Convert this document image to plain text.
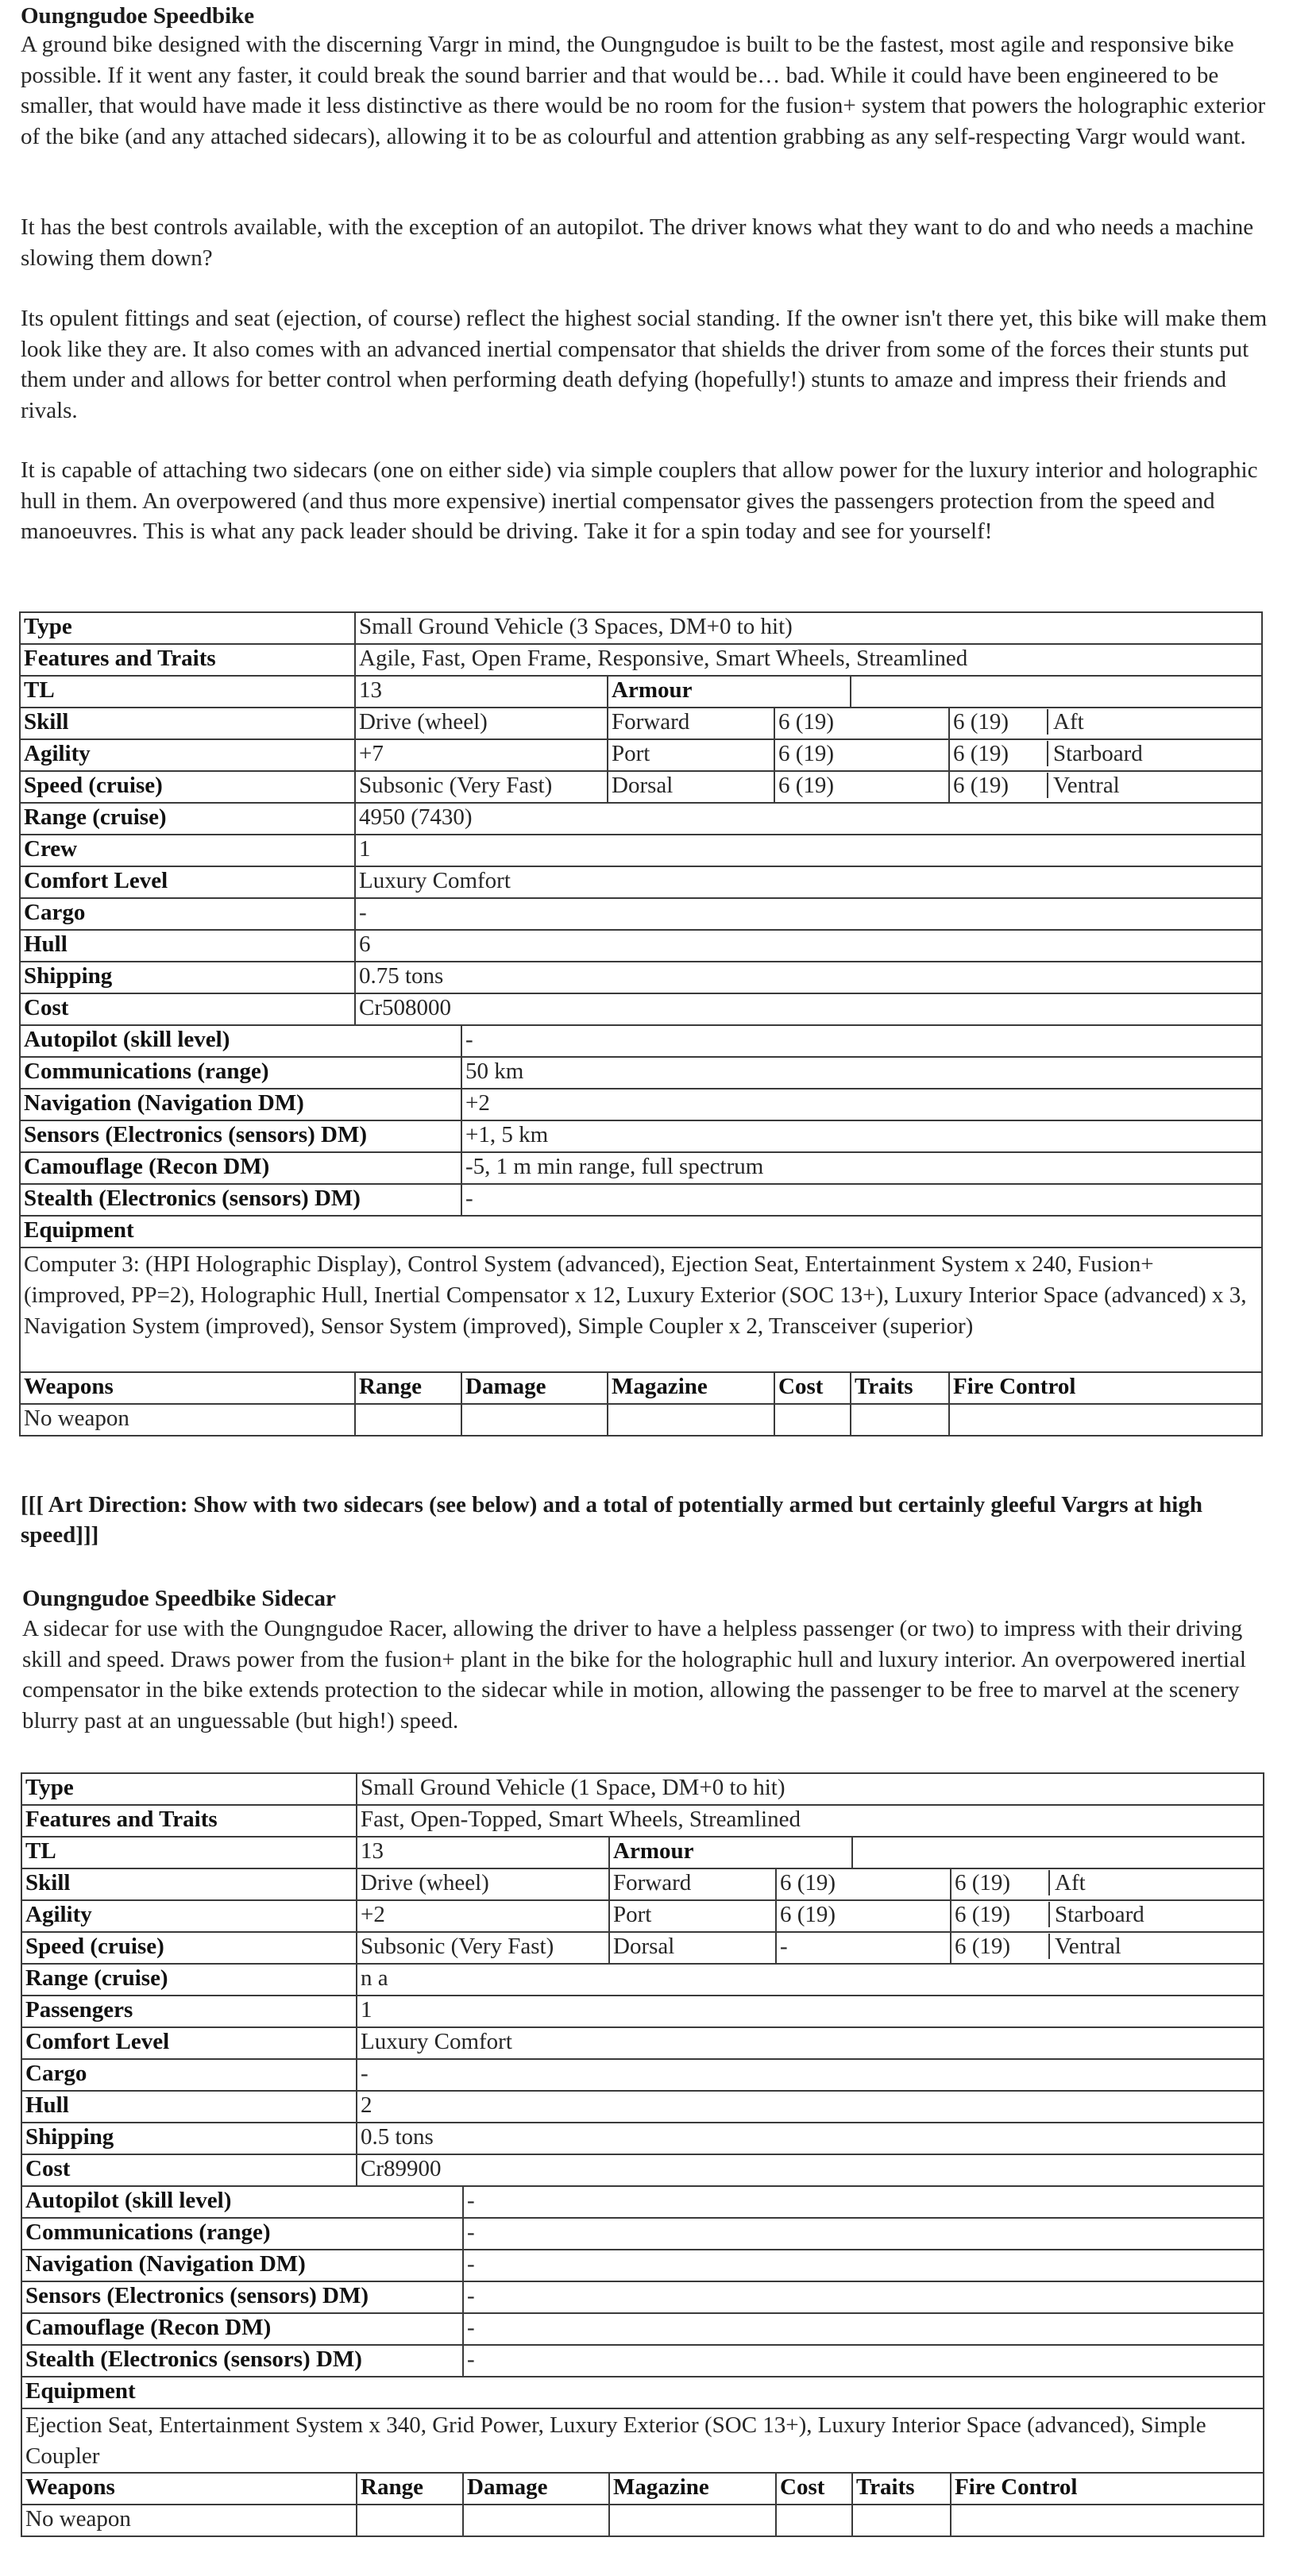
Oungngudoe Speedbike
A ground bike designed with the discerning Vargr in mind, the Oungngudoe is built to be the fastest, most agile and responsive bike possible. If it went any faster, it could break the sound barrier and that would be… bad. While it could have been engineered to be smaller, that would have made it less distinctive as there would be no room for the fusion+ system that powers the holographic exterior of the bike (and any attached sidecars), allowing it to be as colourful and attention grabbing as any self-respecting Vargr would want.
It has the best controls available, with the exception of an autopilot. The driver knows what they want to do and who needs a machine slowing them down?
Its opulent fittings and seat (ejection, of course) reflect the highest social standing. If the owner isn't there yet, this bike will make them look like they are. It also comes with an advanced inertial compensator that shields the driver from some of the forces their stunts put them under and allows for better control when performing death defying (hopefully!) stunts to amaze and impress their friends and rivals.
It is capable of attaching two sidecars (one on either side) via simple couplers that allow power for the luxury interior and holographic hull in them. An overpowered (and thus more expensive) inertial compensator gives the passengers protection from the speed and manoeuvres. This is what any pack leader should be driving. Take it for a spin today and see for yourself!
Type	Small Ground Vehicle (3 Spaces, DM+0 to hit)					
Features and Traits	Agile, Fast, Open Frame, Responsive, Smart Wheels, Streamlined					
TL	13		Armour			
Skill	Drive (wheel)		Forward	6 (19)		6 (19) Aft
Agility	+7		Port	6 (19)		6 (19) Starboard
Speed (cruise)	Subsonic (Very Fast)		Dorsal	6 (19)		6 (19) Ventral
Range (cruise)	4950 (7430)					
Crew	1					
Comfort Level	Luxury Comfort					
Cargo	-					
Hull	6					
Shipping	0.75 tons					
Cost	Cr508000					
Autopilot (skill level)		-				
Communications (range)		50 km				
Navigation (Navigation DM)		+2				
Sensors (Electronics (sensors) DM)		+1, 5 km				
Camouflage (Recon DM)		-5, 1 m min range, full spectrum				
Stealth (Electronics (sensors) DM)		-				
Equipment						
Computer 3: (HPI Holographic Display), Control System (advanced), Ejection Seat, Entertainment System x 240, Fusion+ (improved, PP=2), Holographic Hull, Inertial Compensator x 12, Luxury Exterior (SOC 13+), Luxury Interior Space (advanced) x 3, Navigation System (improved), Sensor System (improved), Simple Coupler x 2, Transceiver (superior)						
Weapons	Range	Damage	Magazine	Cost	Traits	Fire Control
No weapon						
[[[ Art Direction: Show with two sidecars (see below) and a total of potentially armed but certainly gleeful Vargrs at high speed]]]
Oungngudoe Speedbike Sidecar
A sidecar for use with the Oungngudoe Racer, allowing the driver to have a helpless passenger (or two) to impress with their driving skill and speed. Draws power from the fusion+ plant in the bike for the holographic hull and luxury interior. An overpowered inertial compensator in the bike extends protection to the sidecar while in motion, allowing the passenger to be free to marvel at the scenery blurry past at an unguessable (but high!) speed.
Type	Small Ground Vehicle (1 Space, DM+0 to hit)					
Features and Traits	Fast, Open-Topped, Smart Wheels, Streamlined					
TL	13		Armour			
Skill	Drive (wheel)		Forward	6 (19)		6 (19) Aft
Agility	+2		Port	6 (19)		6 (19) Starboard
Speed (cruise)	Subsonic (Very Fast)		Dorsal	-		6 (19) Ventral
Range (cruise)	n a					
Passengers	1					
Comfort Level	Luxury Comfort					
Cargo	-					
Hull	2					
Shipping	0.5 tons					
Cost	Cr89900					
Autopilot (skill level)		-				
Communications (range)		-				
Navigation (Navigation DM)		-				
Sensors (Electronics (sensors) DM)		-				
Camouflage (Recon DM)		-				
Stealth (Electronics (sensors) DM)		-				
Equipment						
Ejection Seat, Entertainment System x 340, Grid Power, Luxury Exterior (SOC 13+), Luxury Interior Space (advanced), Simple Coupler						
Weapons	Range	Damage	Magazine	Cost	Traits	Fire Control
No weapon						
